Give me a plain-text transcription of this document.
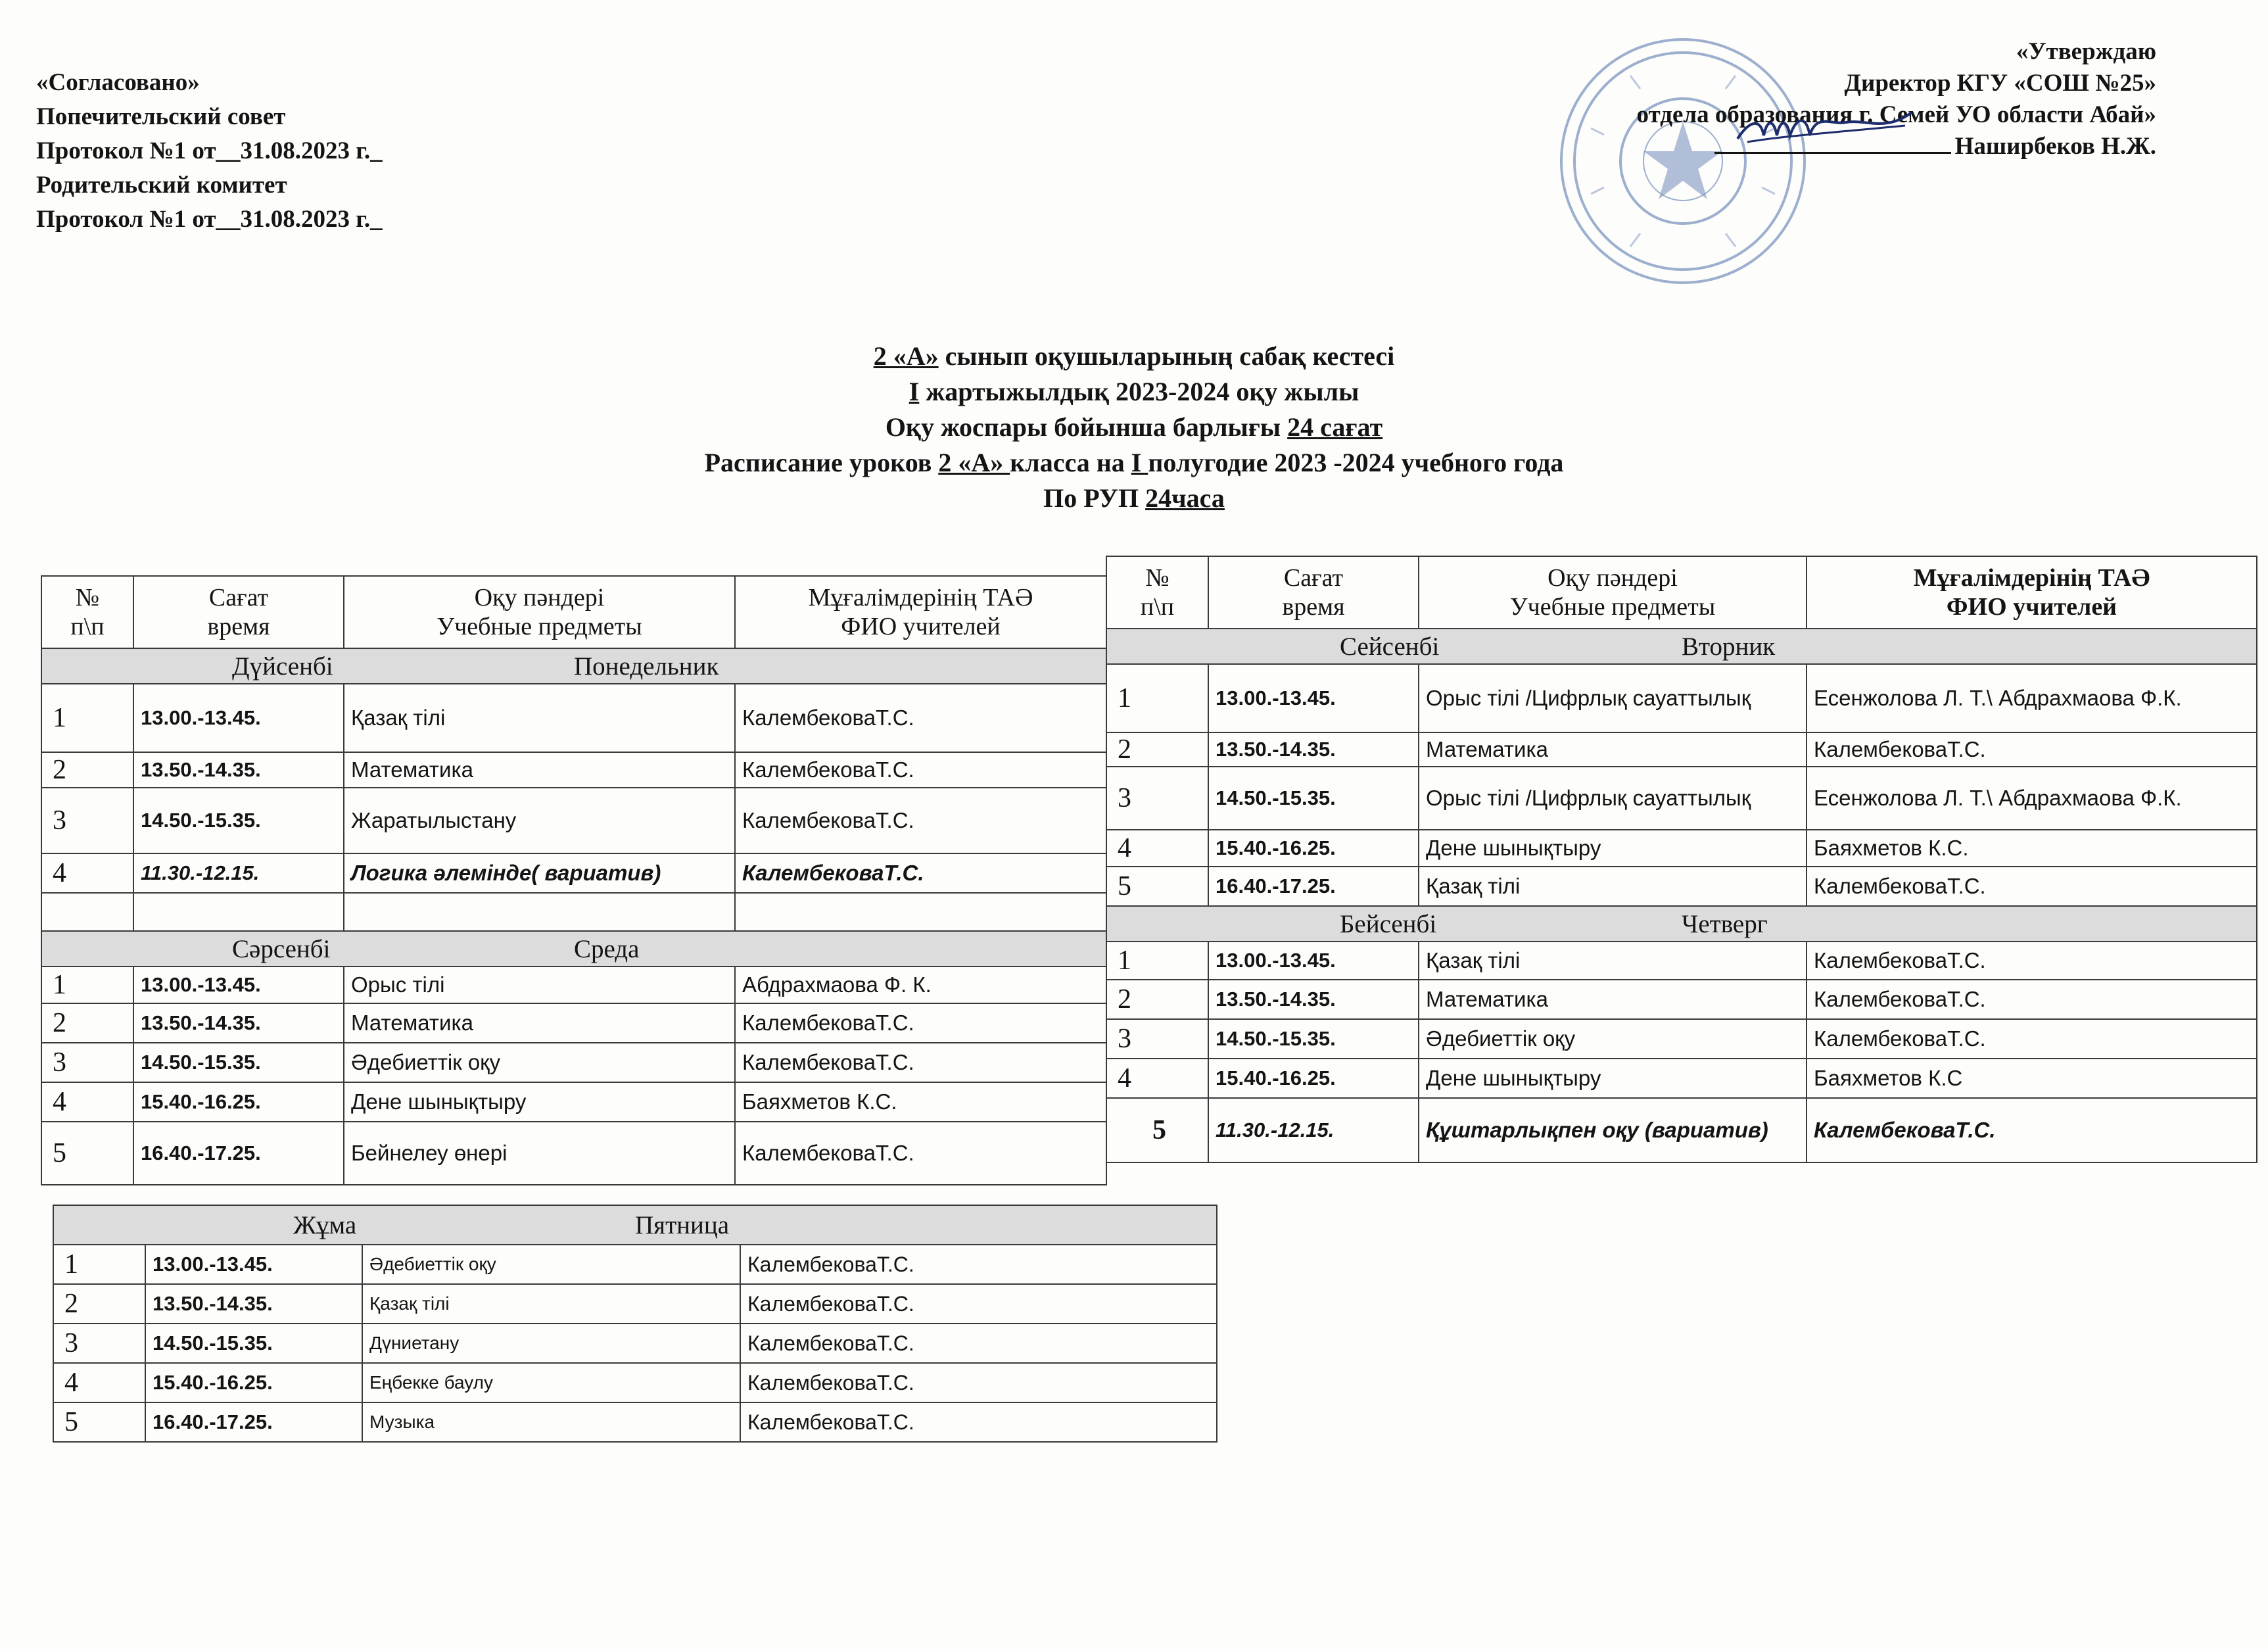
«Согласовано»
Попечительский совет
Протокол №1 от__31.08.2023 г._
Родительский комитет
Протокол №1 от__31.08.2023 г._
«Утверждаю
Директор КГУ «СОШ №25»
отдела образования г. Семей УО области Абай»
Наширбеков Н.Ж.
2 «А» сынып оқушыларының сабақ кестесі
І жартыжылдық 2023-2024 оқу жылы
Оқу жоспары бойынша барлығы 24 сағат
Расписание уроков 2 «А» класса на I полугодие 2023 -2024 учебного года
По РУП 24часа
№
п\п	Сағат
время	Оқу пәндері
Учебные предметы	Мұғалімдерінің ТАӘ
ФИО учителей
Дүйсенбі Понедельник			
1	13.00.-13.45.	Қазақ тілі	КалембековаТ.С.
2	13.50.-14.35.	Математика	КалембековаТ.С.
3	14.50.-15.35.	Жаратылыстану	КалембековаТ.С.
4	11.30.-12.15.	Логика әлемінде( вариатив)	КалембековаТ.С.

Сәрсенбі Среда			
1	13.00.-13.45.	Орыс тілі	Абдрахмаова Ф. К.
2	13.50.-14.35.	Математика	КалембековаТ.С.
3	14.50.-15.35.	Әдебиеттік оқу	КалембековаТ.С.
4	15.40.-16.25.	Дене шынықтыру	Баяхметов К.С.
5	16.40.-17.25.	Бейнелеу өнері	КалембековаТ.С.
№
п\п	Сағат
время	Оқу пәндері
Учебные предметы	Мұғалімдерінің ТАӘ
ФИО учителей
Сейсенбі Вторник			
1	13.00.-13.45.	Орыс тілі /Цифрлық сауаттылық	Есенжолова Л. Т.\ Абдрахмаова Ф.К.
2	13.50.-14.35.	Математика	КалембековаТ.С.
3	14.50.-15.35.	Орыс тілі /Цифрлық сауаттылық	Есенжолова Л. Т.\ Абдрахмаова Ф.К.
4	15.40.-16.25.	Дене шынықтыру	Баяхметов К.С.
5	16.40.-17.25.	Қазақ тілі	КалембековаТ.С.
Бейсенбі Четверг			
1	13.00.-13.45.	Қазақ тілі	КалембековаТ.С.
2	13.50.-14.35.	Математика	КалембековаТ.С.
3	14.50.-15.35.	Әдебиеттік оқу	КалембековаТ.С.
4	15.40.-16.25.	Дене шынықтыру	Баяхметов К.С
5	11.30.-12.15.	Құштарлықпен оқу (вариатив)	КалембековаТ.С.
Жұма Пятница			
1	13.00.-13.45.	Әдебиеттік оқу	КалембековаТ.С.
2	13.50.-14.35.	Қазақ тілі	КалембековаТ.С.
3	14.50.-15.35.	Дүниетану	КалембековаТ.С.
4	15.40.-16.25.	Еңбекке баулу	КалембековаТ.С.
5	16.40.-17.25.	Музыка	КалембековаТ.С.
